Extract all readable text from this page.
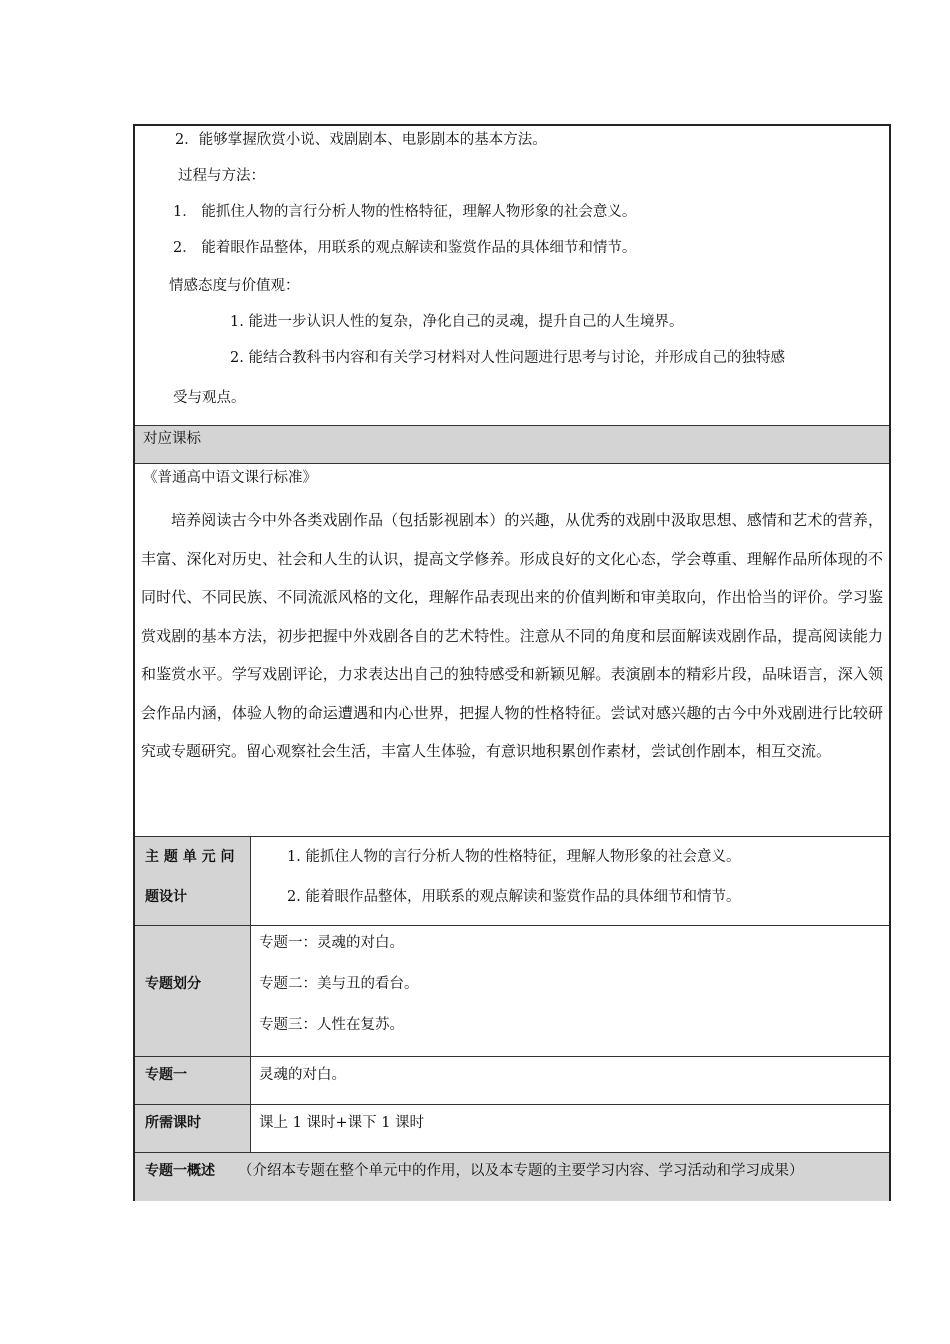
2．能够掌握欣赏小说、戏剧剧本、电影剧本的基本方法。
过程与方法：
1． 能抓住人物的言行分析人物的性格特征，理解人物形象的社会意义。
2． 能着眼作品整体，用联系的观点解读和鉴赏作品的具体细节和情节。
情感态度与价值观：
1. 能进一步认识人性的复杂，净化自己的灵魂，提升自己的人生境界。
2. 能结合教科书内容和有关学习材料对人性问题进行思考与讨论，并形成自己的独特感
受与观点。
对应课标
《普通高中语文课行标准》
培养阅读古今中外各类戏剧作品（包括影视剧本）的兴趣，从优秀的戏剧中汲取思想、感情和艺术的营养，丰富、深化对历史、社会和人生的认识，提高文学修养。形成良好的文化心态，学会尊重、理解作品所体现的不同时代、不同民族、不同流派风格的文化，理解作品表现出来的价值判断和审美取向，作出恰当的评价。学习鉴赏戏剧的基本方法，初步把握中外戏剧各自的艺术特性。注意从不同的角度和层面解读戏剧作品，提高阅读能力和鉴赏水平。学写戏剧评论，力求表达出自己的独特感受和新颖见解。表演剧本的精彩片段，品味语言，深入领会作品内涵，体验人物的命运遭遇和内心世界，把握人物的性格特征。尝试对感兴趣的古今中外戏剧进行比较研究或专题研究。留心观察社会生活，丰富人生体验，有意识地积累创作素材，尝试创作剧本，相互交流。
主 题 单 元 问
题设计
1. 能抓住人物的言行分析人物的性格特征，理解人物形象的社会意义。
2. 能着眼作品整体，用联系的观点解读和鉴赏作品的具体细节和情节。
专题划分
专题一：灵魂的对白。
专题二：美与丑的看台。
专题三：人性在复苏。
专题一	灵魂的对白。
所需课时	课上 1 课时+课下 1 课时
专题一概述 （介绍本专题在整个单元中的作用，以及本专题的主要学习内容、学习活动和学习成果）
